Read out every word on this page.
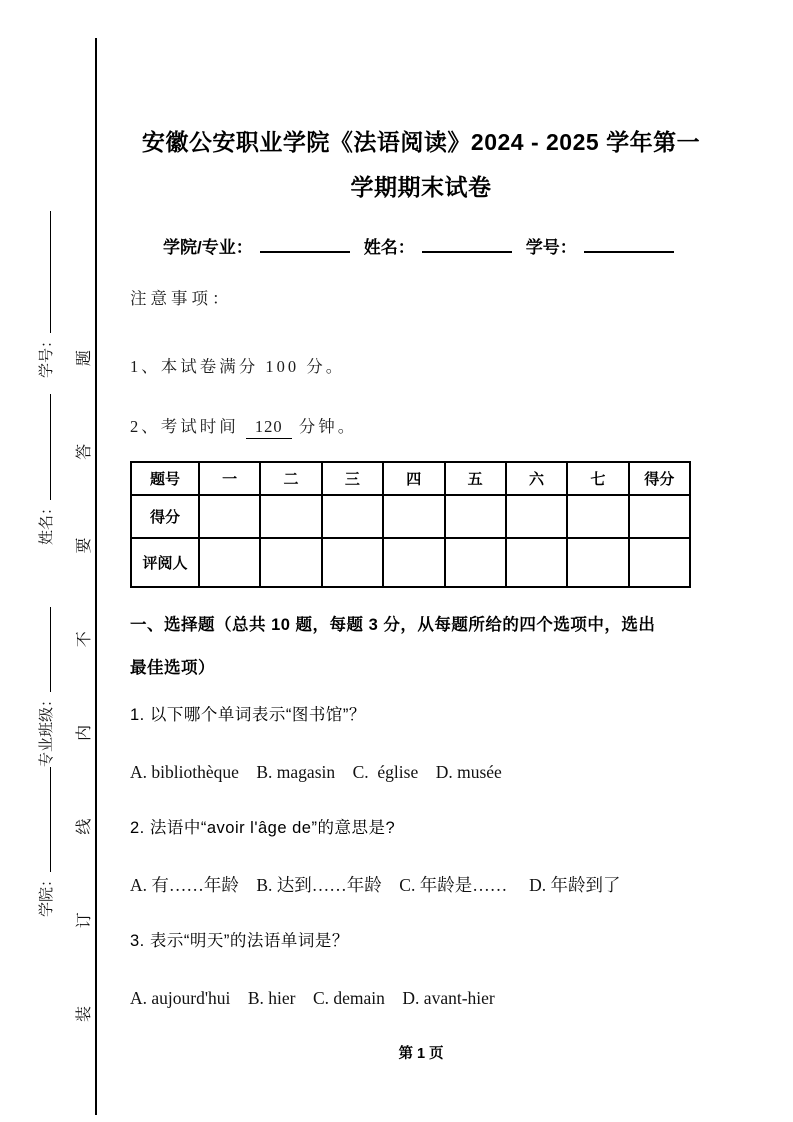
学院：专业班级：姓名：学号：
装
订
线
内
不
要
答
题
安徽公安职业学院《法语阅读》2024 - 2025 学年第一
学期期末试卷
学院/专业：	姓名：	学号：
注意事项：
1、本试卷满分 100 分。
2、考试时间 120 分钟。
题号	一	二	三	四	五	六	七	得分
得分								
评阅人								
一、选择题（总共 10 题，每题 3 分，从每题所给的四个选项中，选出
最佳选项）
1. 以下哪个单词表示“图书馆”？
A. bibliothèque    B. magasin    C.  église    D. musée
2. 法语中“avoir l'âge de”的意思是?
A. 有……年龄    B. 达到……年龄    C. 年龄是……     D. 年龄到了
3. 表示“明天”的法语单词是？
A. aujourd'hui    B. hier    C. demain    D. avant-hier
第 1 页
